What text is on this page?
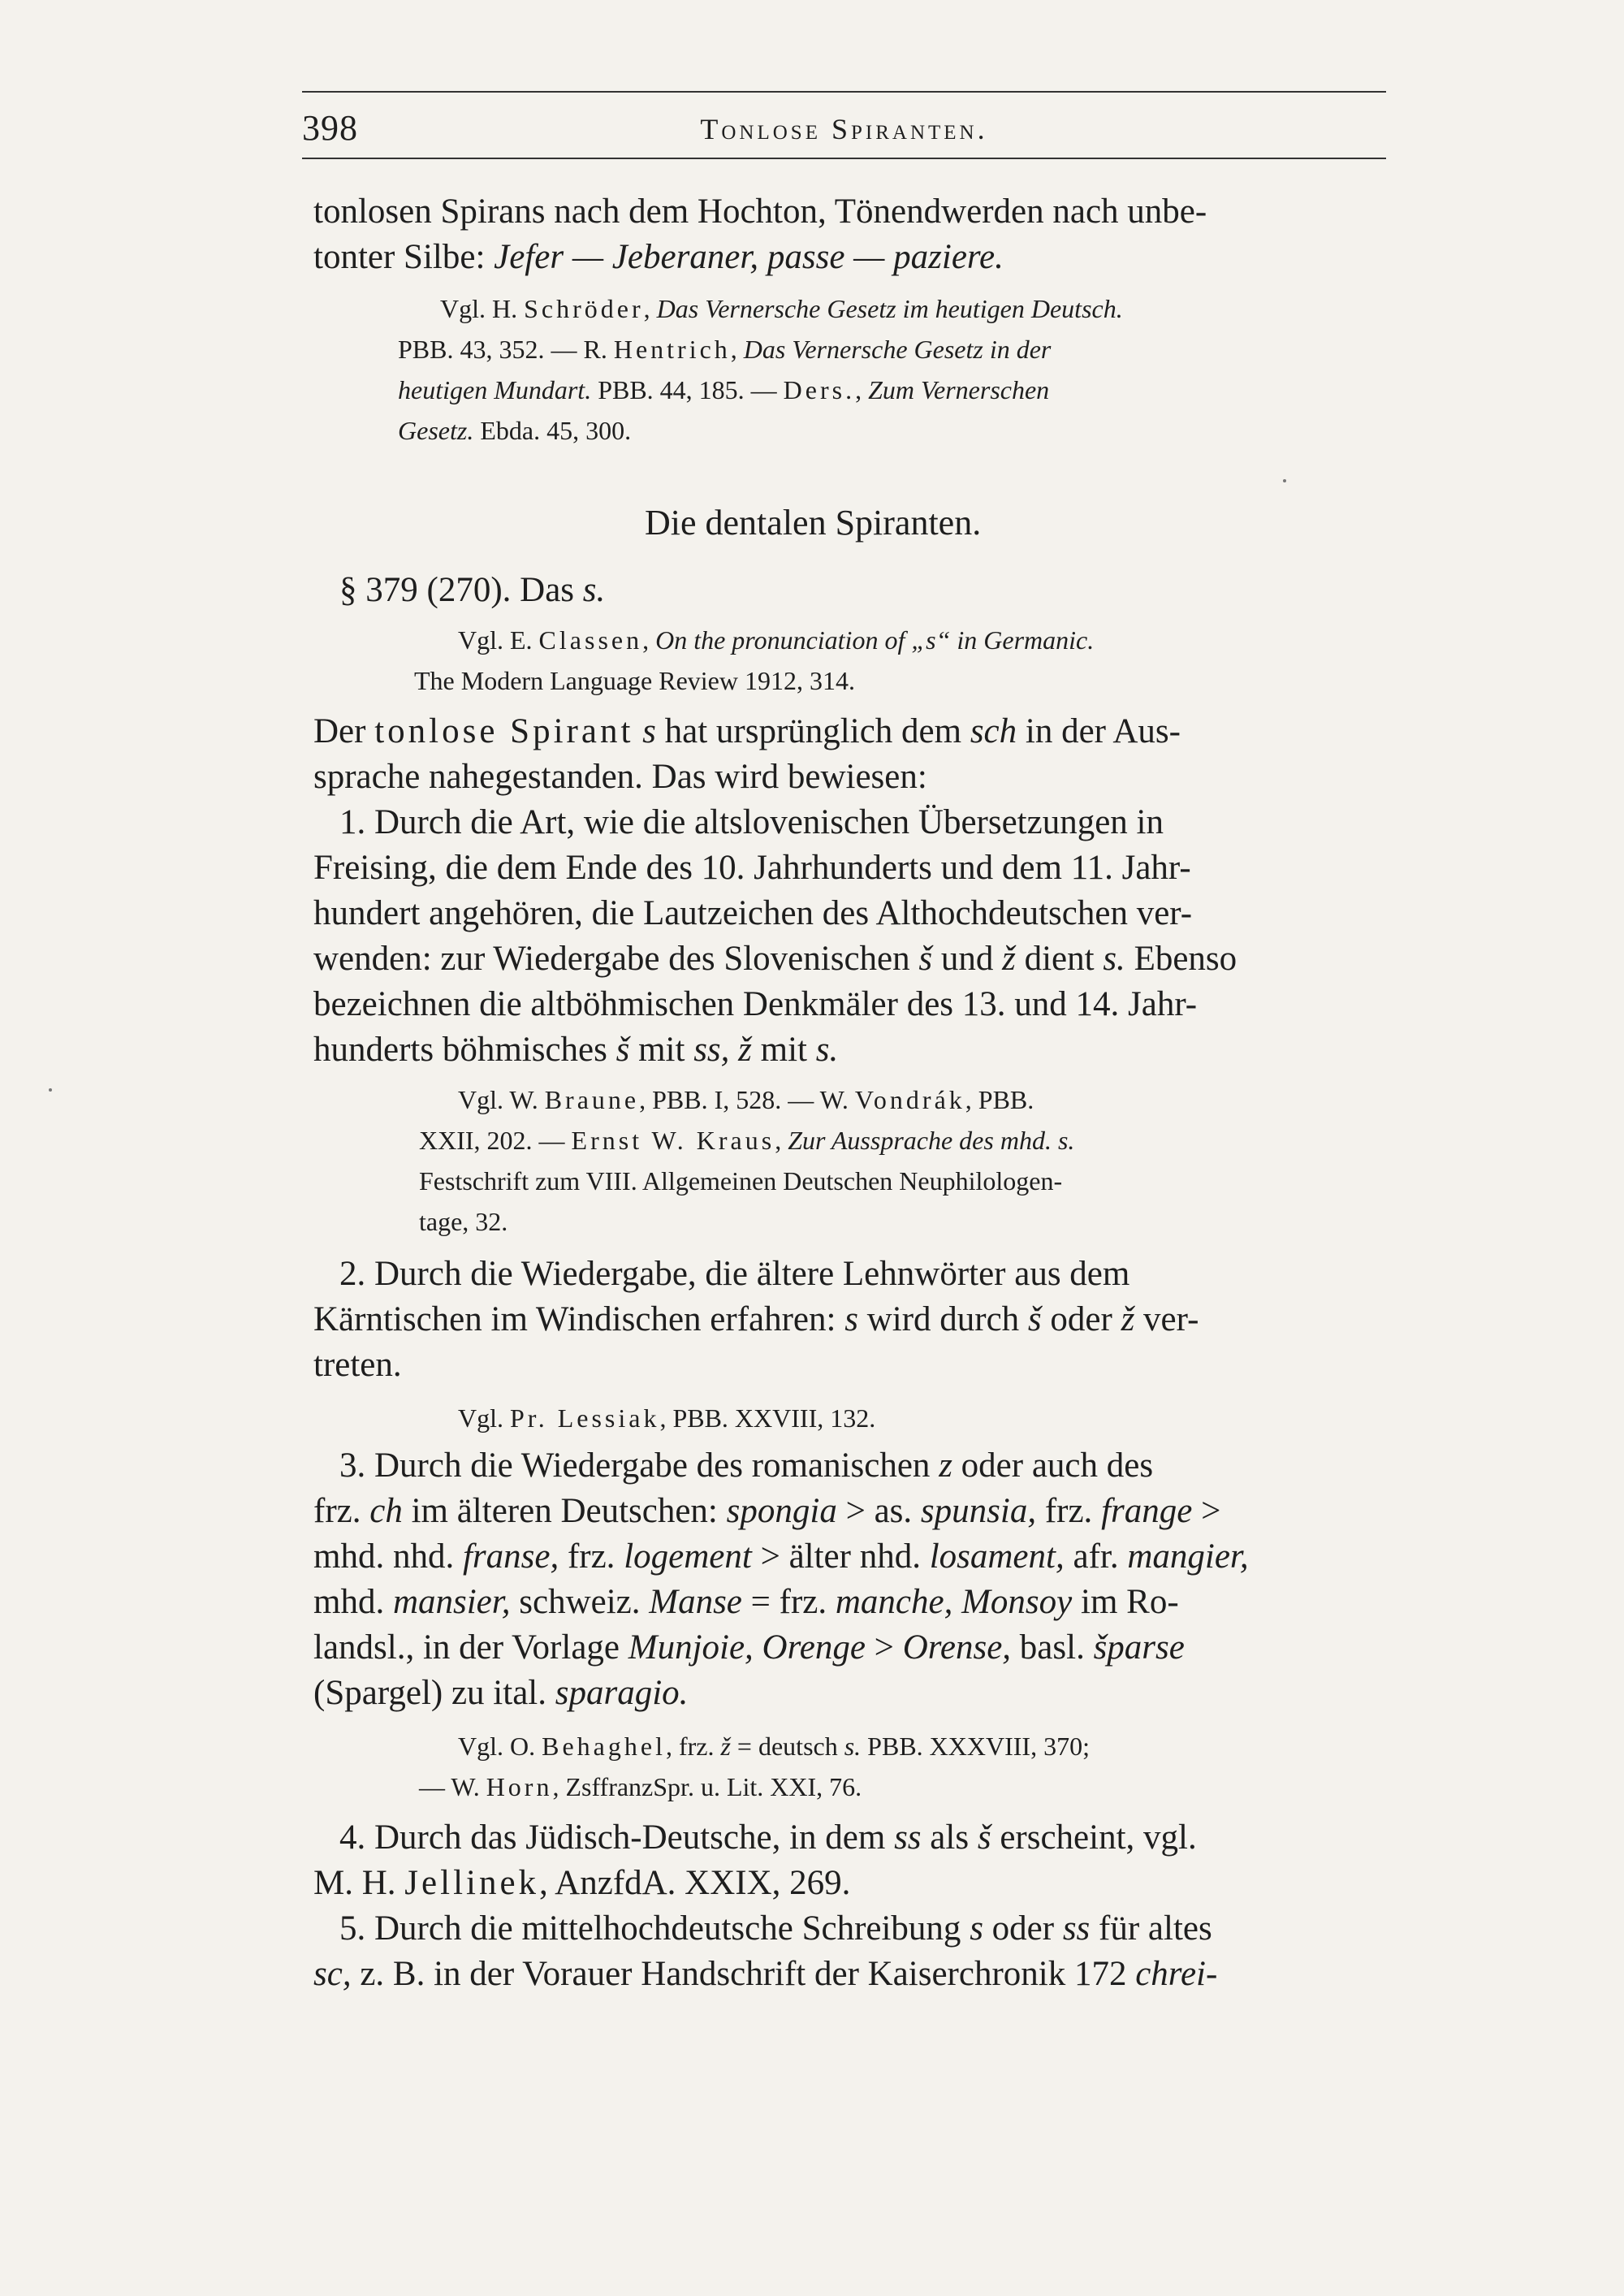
398	Tonlose Spiranten.
tonlosen Spirans nach dem Hochton, Tönendwerden nach unbe-
tonter Silbe: Jefer — Jeberaner, passe — paziere.
Vgl. H. Schröder, Das Vernersche Gesetz im heutigen Deutsch.
PBB. 43, 352. — R. Hentrich, Das Vernersche Gesetz in der
heutigen Mundart. PBB. 44, 185. — Ders., Zum Vernerschen
Gesetz. Ebda. 45, 300.
Die dentalen Spiranten.
§ 379 (270). Das s.
Vgl. E. Classen, On the pronunciation of „s“ in Germanic.
The Modern Language Review 1912, 314.
Der tonlose Spirant s hat ursprünglich dem sch in der Aus-
sprache nahegestanden. Das wird bewiesen:
1. Durch die Art, wie die altslovenischen Übersetzungen in
Freising, die dem Ende des 10. Jahrhunderts und dem 11. Jahr-
hundert angehören, die Lautzeichen des Althochdeutschen ver-
wenden: zur Wiedergabe des Slovenischen š und ž dient s. Ebenso
bezeichnen die altböhmischen Denkmäler des 13. und 14. Jahr-
hunderts böhmisches š mit ss, ž mit s.
Vgl. W. Braune, PBB. I, 528. — W. Vondrák, PBB.
XXII, 202. — Ernst W. Kraus, Zur Aussprache des mhd. s.
Festschrift zum VIII. Allgemeinen Deutschen Neuphilologen-
tage, 32.
2. Durch die Wiedergabe, die ältere Lehnwörter aus dem
Kärntischen im Windischen erfahren: s wird durch š oder ž ver-
treten.
Vgl. Pr. Lessiak, PBB. XXVIII, 132.
3. Durch die Wiedergabe des romanischen z oder auch des
frz. ch im älteren Deutschen: spongia > as. spunsia, frz. frange >
mhd. nhd. franse, frz. logement > älter nhd. losament, afr. mangier,
mhd. mansier, schweiz. Manse = frz. manche, Monsoy im Ro-
landsl., in der Vorlage Munjoie, Orenge > Orense, basl. šparse
(Spargel) zu ital. sparagio.
Vgl. O. Behaghel, frz. ž = deutsch s. PBB. XXXVIII, 370;
— W. Horn, ZsffranzSpr. u. Lit. XXI, 76.
4. Durch das Jüdisch-Deutsche, in dem ss als š erscheint, vgl.
M. H. Jellinek, AnzfdA. XXIX, 269.
5. Durch die mittelhochdeutsche Schreibung s oder ss für altes
sc, z. B. in der Vorauer Handschrift der Kaiserchronik 172 chrei-
